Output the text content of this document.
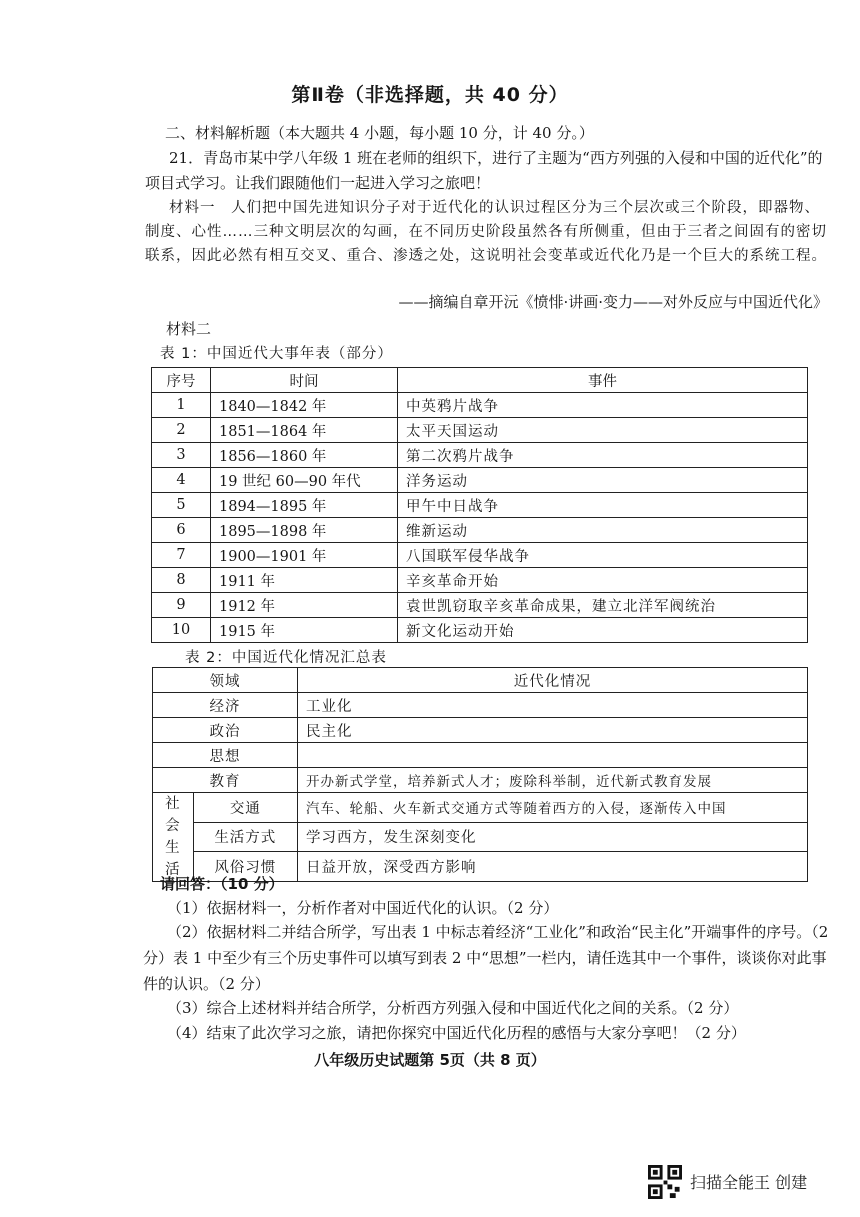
第Ⅱ卷（非选择题，共 40 分）
二、材料解析题（本大题共 4 小题，每小题 10 分，计 40 分。）
21．青岛市某中学八年级 1 班在老师的组织下，进行了主题为“西方列强的入侵和中国的近代化”的项目式学习。让我们跟随他们一起进入学习之旅吧！
材料一　人们把中国先进知识分子对于近代化的认识过程区分为三个层次或三个阶段，即器物、制度、心性……三种文明层次的勾画，在不同历史阶段虽然各有所侧重，但由于三者之间固有的密切联系，因此必然有相互交叉、重合、渗透之处，这说明社会变革或近代化乃是一个巨大的系统工程。
——摘编自章开沅《愤悱·讲画·变力——对外反应与中国近代化》
材料二
表 1：中国近代大事年表（部分）
序号	时间	事件
1	1840—1842 年	中英鸦片战争
2	1851—1864 年	太平天国运动
3	1856—1860 年	第二次鸦片战争
4	19 世纪 60—90 年代	洋务运动
5	1894—1895 年	甲午中日战争
6	1895—1898 年	维新运动
7	1900—1901 年	八国联军侵华战争
8	1911 年	辛亥革命开始
9	1912 年	袁世凯窃取辛亥革命成果，建立北洋军阀统治
10	1915 年	新文化运动开始
表 2：中国近代化情况汇总表
领域		近代化情况
经济		工业化
政治		民主化
思想		
教育		开办新式学堂，培养新式人才；废除科举制，近代新式教育发展
社会生活	交通	汽车、轮船、火车新式交通方式等随着西方的入侵，逐渐传入中国
	生活方式	学习西方，发生深刻变化
	风俗习惯	日益开放，深受西方影响
请回答：（10 分）
（1）依据材料一，分析作者对中国近代化的认识。（2 分）
（2）依据材料二并结合所学，写出表 1 中标志着经济“工业化”和政治“民主化”开端事件的序号。（2 分）表 1 中至少有三个历史事件可以填写到表 2 中“思想”一栏内，请任选其中一个事件，谈谈你对此事件的认识。（2 分）
（3）综合上述材料并结合所学，分析西方列强入侵和中国近代化之间的关系。（2 分）
（4）结束了此次学习之旅，请把你探究中国近代化历程的感悟与大家分享吧！（2 分）
八年级历史试题第 5页（共 8 页）
扫描全能王 创建
